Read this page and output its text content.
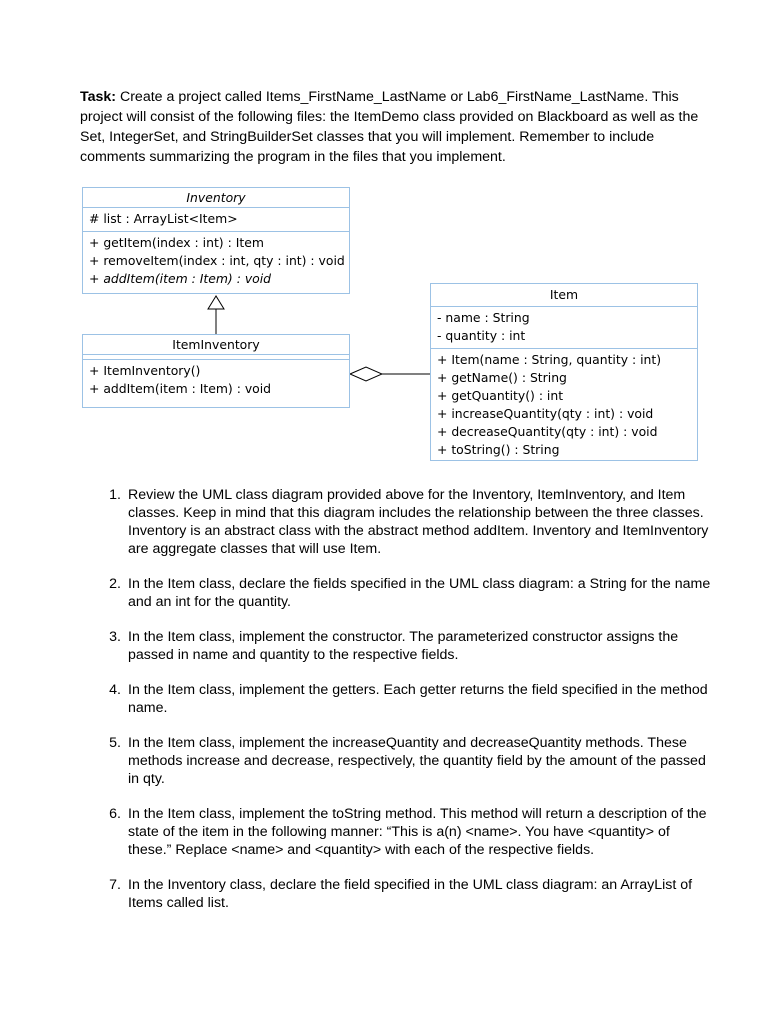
Task: Create a project called Items_FirstName_LastName or Lab6_FirstName_LastName. This project will consist of the following files: the ItemDemo class provided on Blackboard as well as the Set, IntegerSet, and StringBuilderSet classes that you will implement. Remember to include comments summarizing the program in the files that you implement.
Inventory
# list : ArrayList<Item>
+ getItem(index : int) : Item
+ removeItem(index : int, qty : int) : void
+ addItem(item : Item) : void
ItemInventory
+ ItemInventory()
+ addItem(item : Item) : void
Item
- name : String
- quantity : int
+ Item(name : String, quantity : int)
+ getName() : String
+ getQuantity() : int
+ increaseQuantity(qty : int) : void
+ decreaseQuantity(qty : int) : void
+ toString() : String
1. Review the UML class diagram provided above for the Inventory, ItemInventory, and Item classes. Keep in mind that this diagram includes the relationship between the three classes. Inventory is an abstract class with the abstract method addItem. Inventory and ItemInventory are aggregate classes that will use Item.
2. In the Item class, declare the fields specified in the UML class diagram: a String for the name and an int for the quantity.
3. In the Item class, implement the constructor. The parameterized constructor assigns the passed in name and quantity to the respective fields.
4. In the Item class, implement the getters. Each getter returns the field specified in the method name.
5. In the Item class, implement the increaseQuantity and decreaseQuantity methods. These methods increase and decrease, respectively, the quantity field by the amount of the passed in qty.
6. In the Item class, implement the toString method. This method will return a description of the state of the item in the following manner: “This is a(n) <name>. You have <quantity> of these.” Replace <name> and <quantity> with each of the respective fields.
7. In the Inventory class, declare the field specified in the UML class diagram: an ArrayList of Items called list.
